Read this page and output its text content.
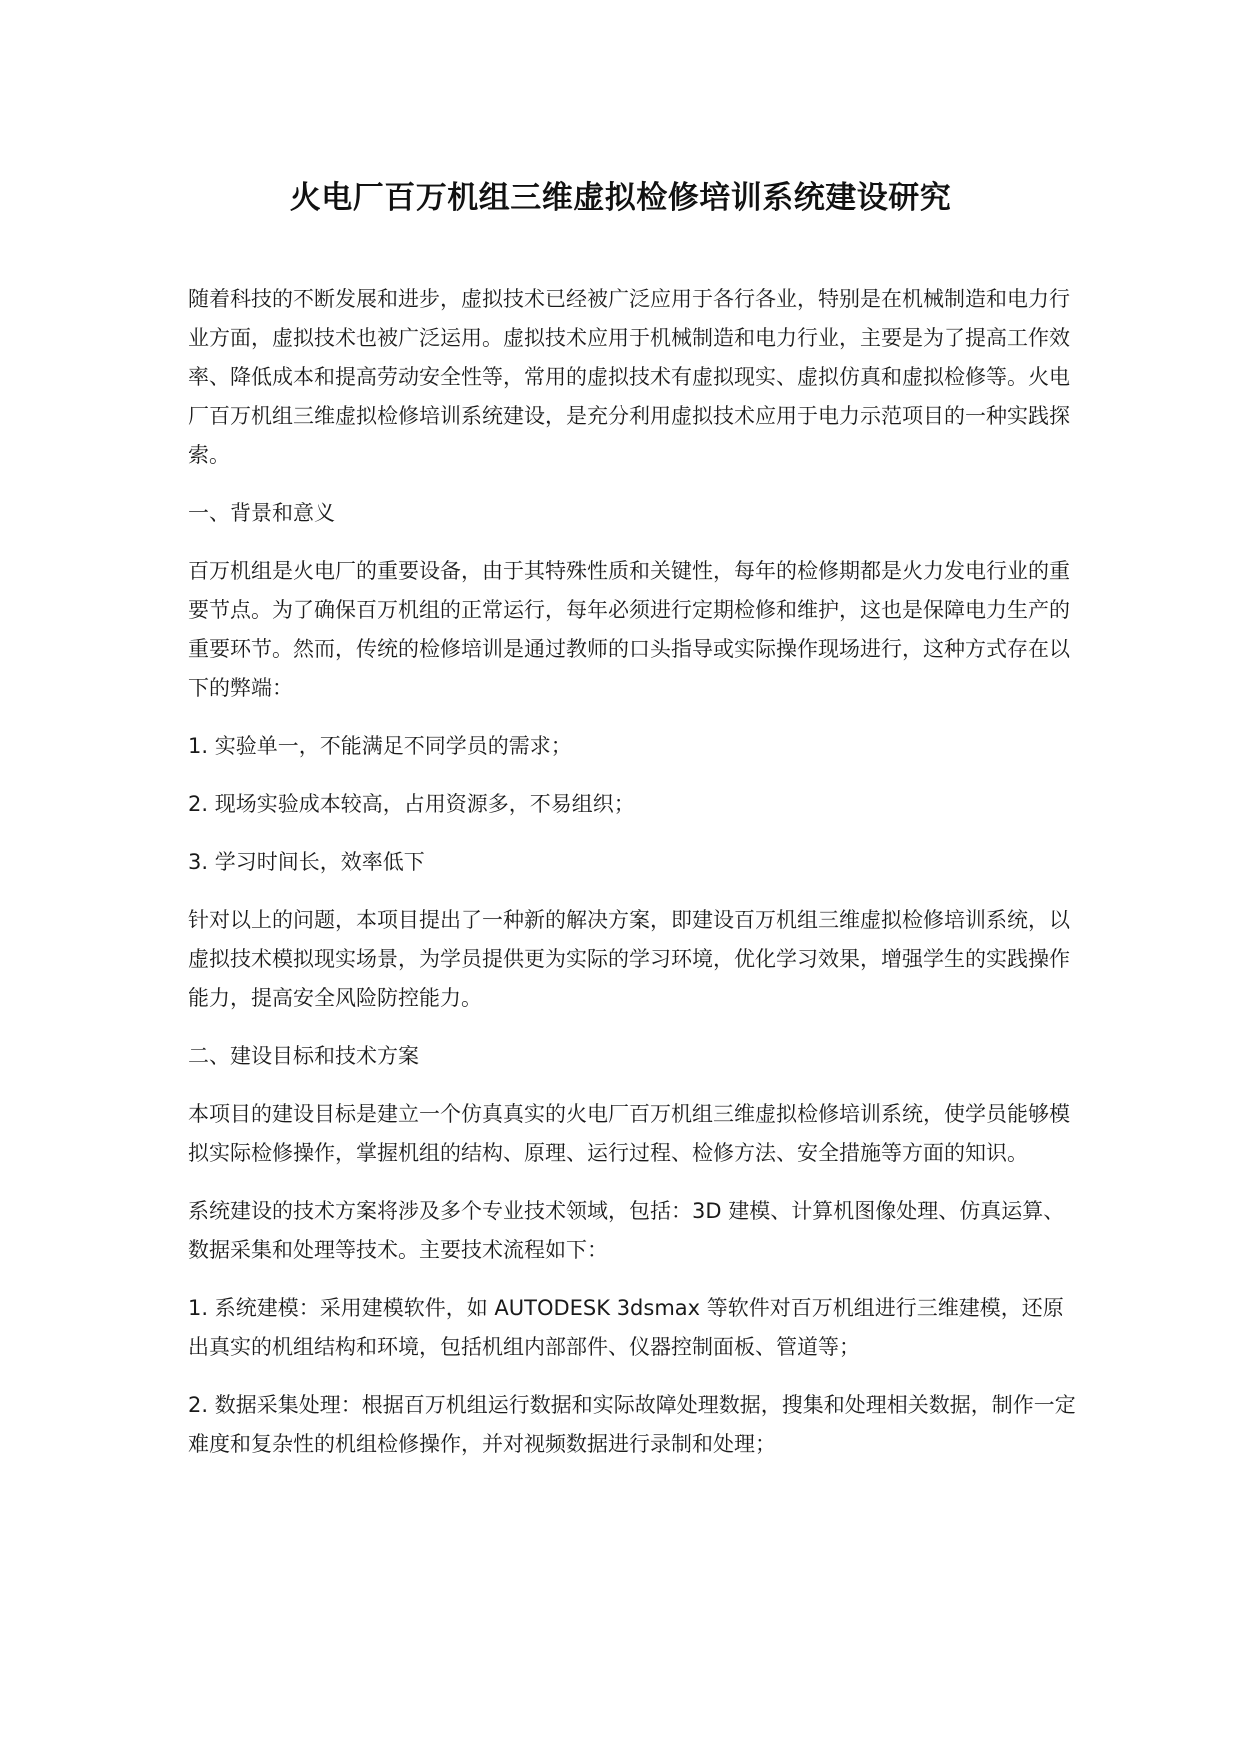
火电厂百万机组三维虚拟检修培训系统建设研究

随着科技的不断发展和进步，虚拟技术已经被广泛应用于各行各业，特别是在机械制造和电力行业方面，虚拟技术也被广泛运用。虚拟技术应用于机械制造和电力行业，主要是为了提高工作效率、降低成本和提高劳动安全性等，常用的虚拟技术有虚拟现实、虚拟仿真和虚拟检修等。火电厂百万机组三维虚拟检修培训系统建设，是充分利用虚拟技术应用于电力示范项目的一种实践探索。

一、背景和意义

百万机组是火电厂的重要设备，由于其特殊性质和关键性，每年的检修期都是火力发电行业的重要节点。为了确保百万机组的正常运行，每年必须进行定期检修和维护，这也是保障电力生产的重要环节。然而，传统的检修培训是通过教师的口头指导或实际操作现场进行，这种方式存在以下的弊端：

1. 实验单一，不能满足不同学员的需求；

2. 现场实验成本较高，占用资源多，不易组织；

3. 学习时间长，效率低下

针对以上的问题，本项目提出了一种新的解决方案，即建设百万机组三维虚拟检修培训系统，以虚拟技术模拟现实场景，为学员提供更为实际的学习环境，优化学习效果，增强学生的实践操作能力，提高安全风险防控能力。

二、建设目标和技术方案

本项目的建设目标是建立一个仿真真实的火电厂百万机组三维虚拟检修培训系统，使学员能够模拟实际检修操作，掌握机组的结构、原理、运行过程、检修方法、安全措施等方面的知识。

系统建设的技术方案将涉及多个专业技术领域，包括：3D 建模、计算机图像处理、仿真运算、数据采集和处理等技术。主要技术流程如下：

1. 系统建模：采用建模软件，如 AUTODESK 3dsmax 等软件对百万机组进行三维建模，还原出真实的机组结构和环境，包括机组内部部件、仪器控制面板、管道等；

2. 数据采集处理：根据百万机组运行数据和实际故障处理数据，搜集和处理相关数据，制作一定难度和复杂性的机组检修操作，并对视频数据进行录制和处理；
